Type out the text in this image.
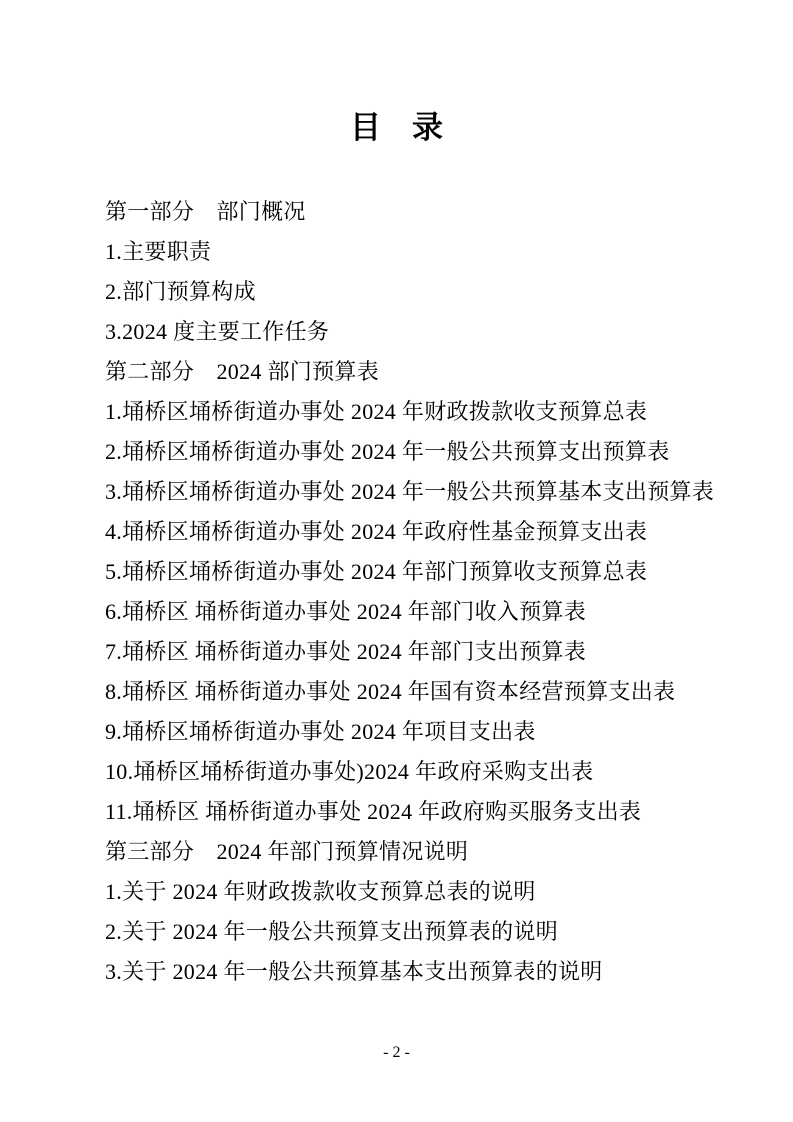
目　录
第一部分　部门概况
1.主要职责
2.部门预算构成
3.2024 度主要工作任务
第二部分　2024 部门预算表
1.埇桥区埇桥街道办事处 2024 年财政拨款收支预算总表
2.埇桥区埇桥街道办事处 2024 年一般公共预算支出预算表
3.埇桥区埇桥街道办事处 2024 年一般公共预算基本支出预算表
4.埇桥区埇桥街道办事处 2024 年政府性基金预算支出表
5.埇桥区埇桥街道办事处 2024 年部门预算收支预算总表
6.埇桥区 埇桥街道办事处 2024 年部门收入预算表
7.埇桥区 埇桥街道办事处 2024 年部门支出预算表
8.埇桥区 埇桥街道办事处 2024 年国有资本经营预算支出表
9.埇桥区埇桥街道办事处 2024 年项目支出表
10.埇桥区埇桥街道办事处)2024 年政府采购支出表
11.埇桥区 埇桥街道办事处 2024 年政府购买服务支出表
第三部分　2024 年部门预算情况说明
1.关于 2024 年财政拨款收支预算总表的说明
2.关于 2024 年一般公共预算支出预算表的说明
3.关于 2024 年一般公共预算基本支出预算表的说明
- 2 -
